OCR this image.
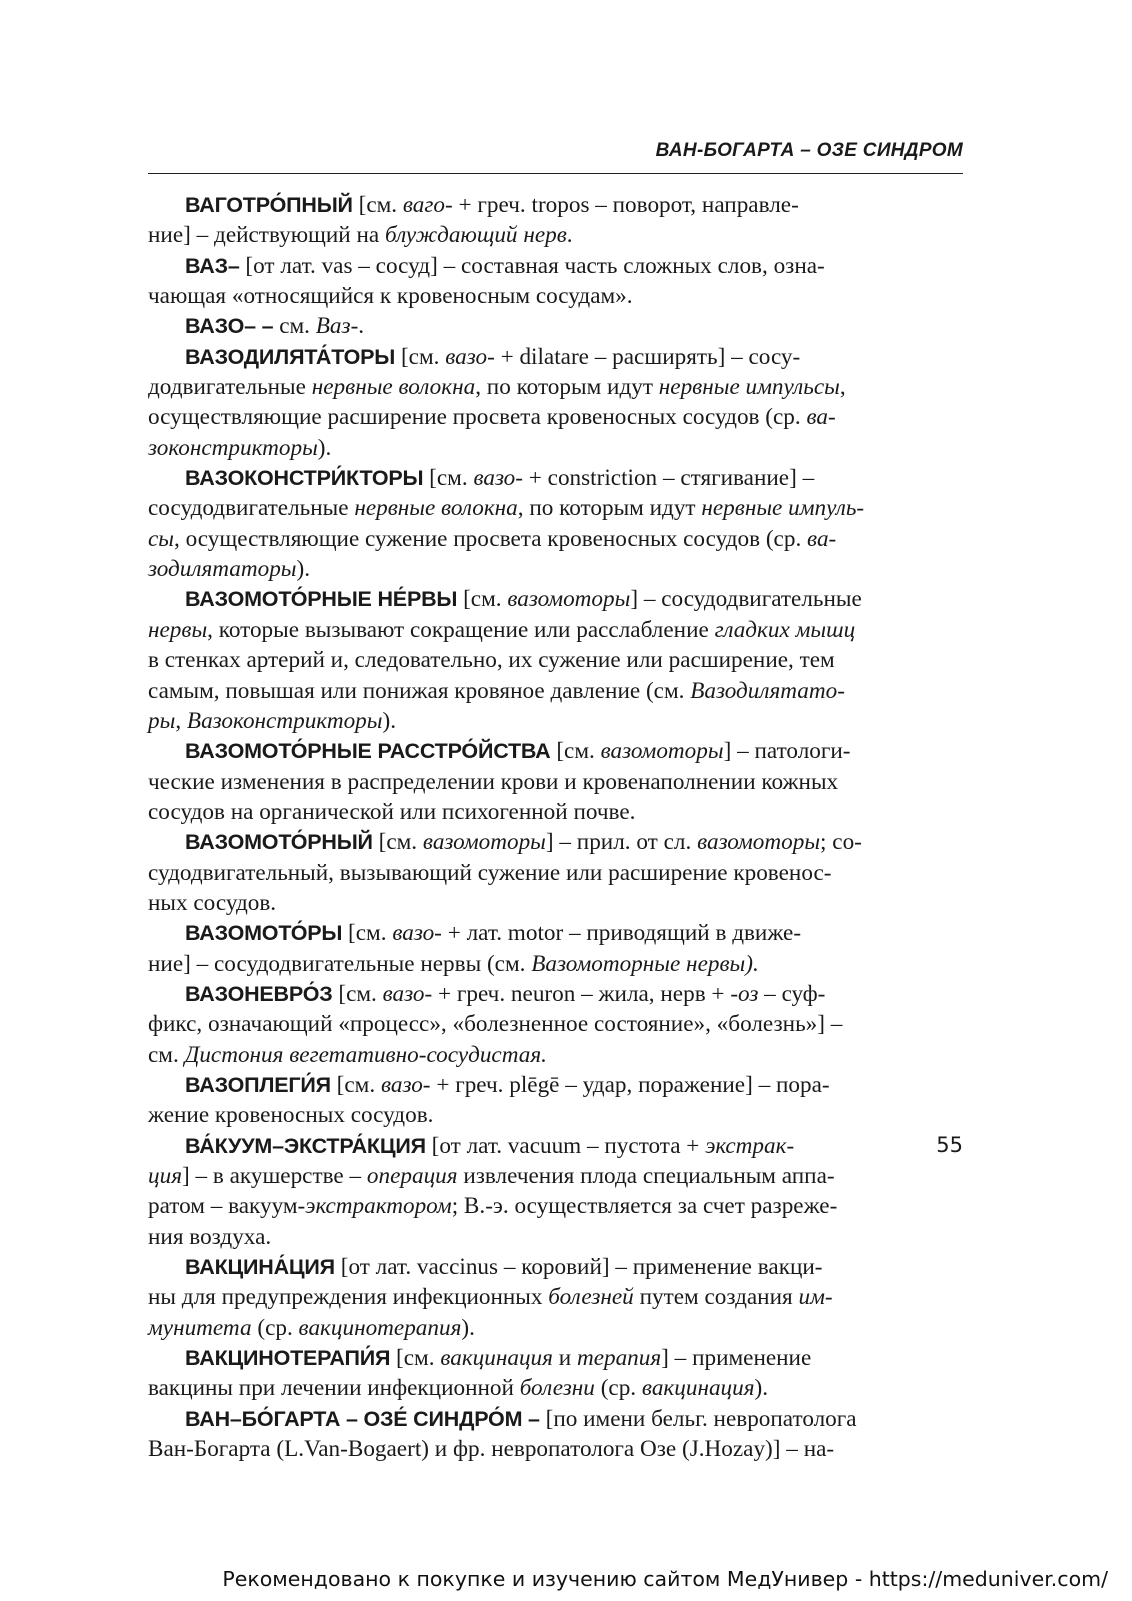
ВАН-БОГАРТА – ОЗЕ СИНДРОМ

ВАГОТРО́ПНЫЙ [см. ваго- + греч. tropos – поворот, направле-
ние] – действующий на блуждающий нерв.

ВАЗ– [от лат. vas – сосуд] – составная часть сложных слов, озна-
чающая «относящийся к кровеносным сосудам».

ВАЗО– – см. Ваз-.

ВАЗОДИЛЯТА́ТОРЫ [см. вазо- + dilatare – расширять] – сосу-
додвигательные нервные волокна, по которым идут нервные импульсы,
осуществляющие расширение просвета кровеносных сосудов (ср. ва-
зоконстрикторы).

ВАЗОКОНСТРИ́КТОРЫ [см. вазо- + constriction – стягивание] –
сосудодвигательные нервные волокна, по которым идут нервные импуль-
сы, осуществляющие сужение просвета кровеносных сосудов (ср. ва-
зодилятаторы).

ВАЗОМОТО́РНЫЕ НЕ́РВЫ [см. вазомоторы] – сосудодвигательные
нервы, которые вызывают сокращение или расслабление гладких мышц
в стенках артерий и, следовательно, их сужение или расширение, тем
самым, повышая или понижая кровяное давление (см. Вазодилятато-
ры, Вазоконстрикторы).

ВАЗОМОТО́РНЫЕ РАССТРО́ЙСТВА [см. вазомоторы] – патологи-
ческие изменения в распределении крови и кровенаполнении кожных
сосудов на органической или психогенной почве.

ВАЗОМОТО́РНЫЙ [см. вазомоторы] – прил. от сл. вазомоторы; со-
судодвигательный, вызывающий сужение или расширение кровенос-
ных сосудов.

ВАЗОМОТО́РЫ [см. вазо- + лат. motor – приводящий в движе-
ние] – сосудодвигательные нервы (см. Вазомоторные нервы).

ВАЗОНЕВРО́З [см. вазо- + греч. neuron – жила, нерв + -оз – суф-
фикс, означающий «процесс», «болезненное состояние», «болезнь»] –
см. Дистония вегетативно-сосудистая.

ВАЗОПЛЕГИ́Я [см. вазо- + греч. plēgē – удар, поражение] – пора-
жение кровеносных сосудов.

ВА́КУУМ–ЭКСТРА́КЦИЯ [от лат. vacuum – пустота + экстрак-
ция] – в акушерстве – операция извлечения плода специальным аппа-
ратом – вакуум-экстрактором; В.-э. осуществляется за счет разреже-
ния воздуха.

ВАКЦИНА́ЦИЯ [от лат. vaccinus – коровий] – применение вакци-
ны для предупреждения инфекционных болезней путем создания им-
мунитета (ср. вакцинотерапия).

ВАКЦИНОТЕРАПИ́Я [см. вакцинация и терапия] – применение
вакцины при лечении инфекционной болезни (ср. вакцинация).

ВАН–БО́ГАРТА – ОЗЕ́ СИНДРО́М – [по имени бельг. невропатолога
Ван-Богарта (L.Van-Bogaert) и фр. невропатолога Озе (J.Hozay)] – на-

55
Рекомендовано к покупке и изучению сайтом МедУнивер - https://meduniver.com/
